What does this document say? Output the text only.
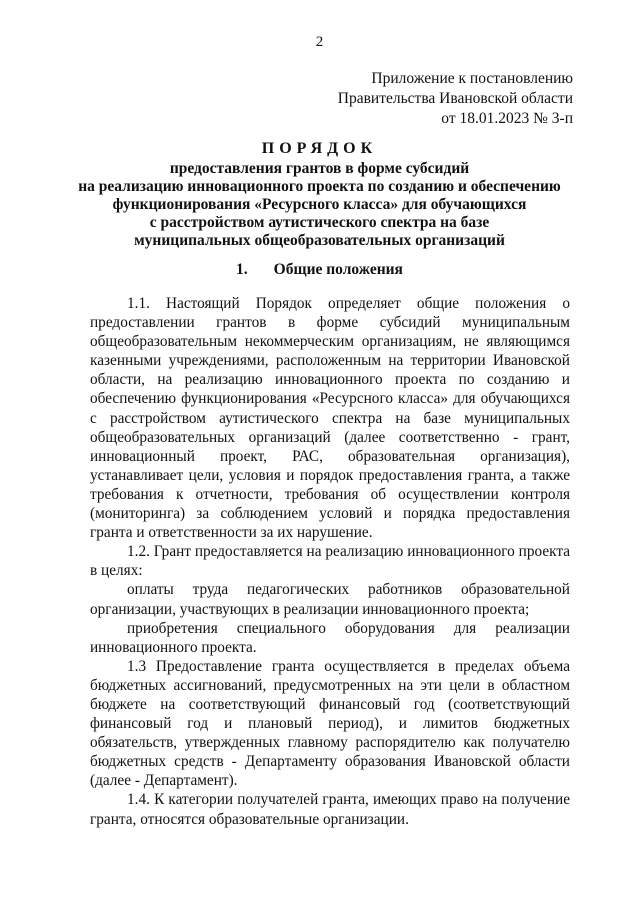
2
Приложение к постановлению
Правительства Ивановской области
от 18.01.2023 № 3-п
ПОРЯДОК
предоставления грантов в форме субсидий
на реализацию инновационного проекта по созданию и обеспечению
функционирования «Ресурсного класса» для обучающихся
с расстройством аутистического спектра на базе
муниципальных общеобразовательных организаций
1. Общие положения

1.1. Настоящий Порядок определяет общие положения о предоставлении грантов в форме субсидий муниципальным общеобразовательным некоммерческим организациям, не являющимся казенными учреждениями, расположенным на территории Ивановской области, на реализацию инновационного проекта по созданию и обеспечению функционирования «Ресурсного класса» для обучающихся с расстройством аутистического спектра на базе муниципальных общеобразовательных организаций (далее соответственно - грант, инновационный проект, РАС, образовательная организация), устанавливает цели, условия и порядок предоставления гранта, а также требования к отчетности, требования об осуществлении контроля (мониторинга) за соблюдением условий и порядка предоставления гранта и ответственности за их нарушение.

1.2. Грант предоставляется на реализацию инновационного проекта в целях:

оплаты труда педагогических работников образовательной организации, участвующих в реализации инновационного проекта;

приобретения специального оборудования для реализации инновационного проекта.

1.3 Предоставление гранта осуществляется в пределах объема бюджетных ассигнований, предусмотренных на эти цели в областном бюджете на соответствующий финансовый год (соответствующий финансовый год и плановый период), и лимитов бюджетных обязательств, утвержденных главному распорядителю как получателю бюджетных средств - Департаменту образования Ивановской области (далее - Департамент).

1.4. К категории получателей гранта, имеющих право на получение гранта, относятся образовательные организации.
